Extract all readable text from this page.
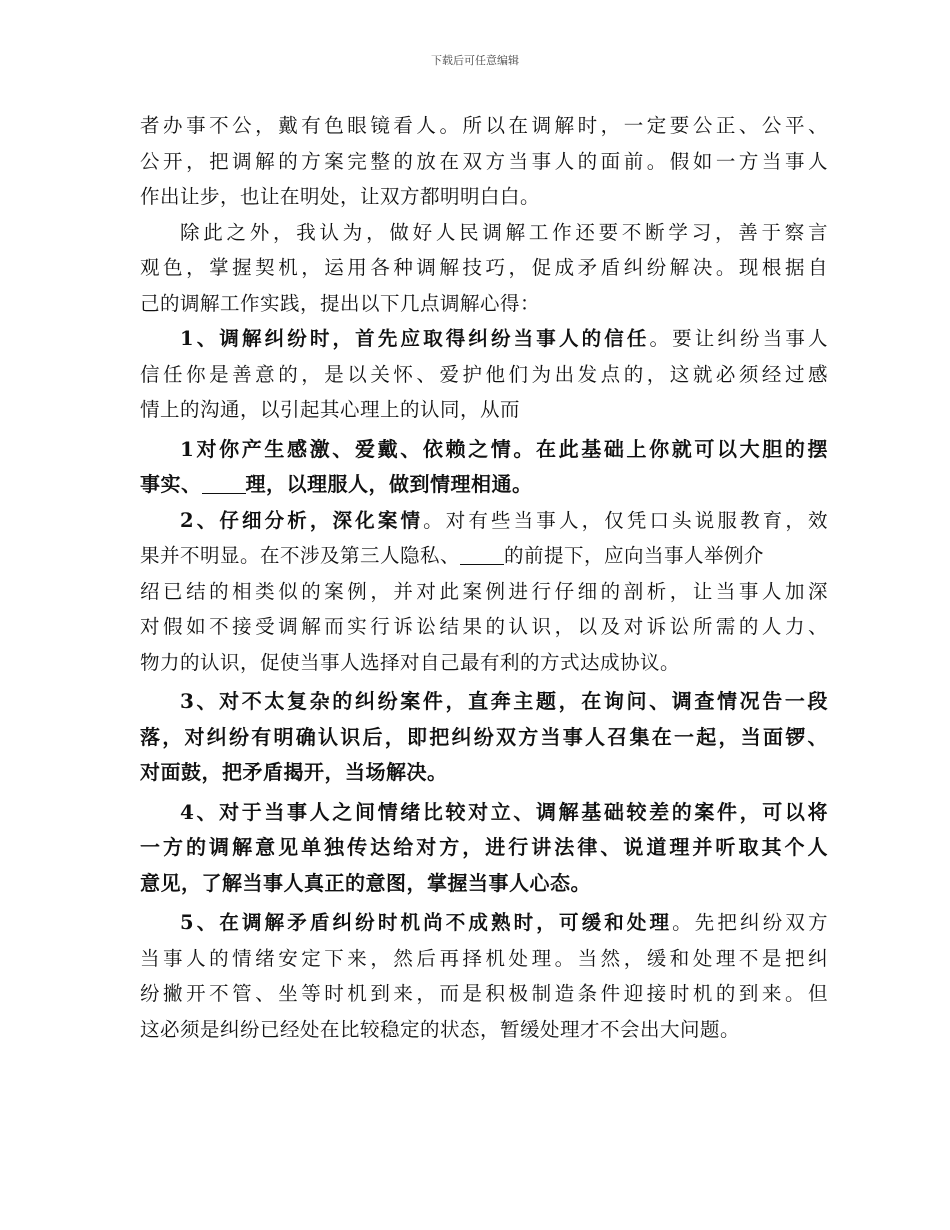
下载后可任意编辑

者办事不公，戴有色眼镜看人。所以在调解时，一定要公正、公平、

公开，把调解的方案完整的放在双方当事人的面前。假如一方当事人

作出让步，也让在明处，让双方都明明白白。

除此之外，我认为，做好人民调解工作还要不断学习，善于察言

观色，掌握契机，运用各种调解技巧，促成矛盾纠纷解决。现根据自

己的调解工作实践，提出以下几点调解心得：

1、调解纠纷时，首先应取得纠纷当事人的信任。要让纠纷当事人

信任你是善意的，是以关怀、爱护他们为出发点的，这就必须经过感

情上的沟通，以引起其心理上的认同，从而

1对你产生感激、爱戴、依赖之情。在此基础上你就可以大胆的摆

事实、 理，以理服人，做到情理相通。

2、仔细分析，深化案情。对有些当事人，仅凭口头说服教育，效

果并不明显。在不涉及第三人隐私、 的前提下，应向当事人举例介

绍已结的相类似的案例，并对此案例进行仔细的剖析，让当事人加深

对假如不接受调解而实行诉讼结果的认识，以及对诉讼所需的人力、

物力的认识，促使当事人选择对自己最有利的方式达成协议。

3、对不太复杂的纠纷案件，直奔主题，在询问、调查情况告一段

落，对纠纷有明确认识后，即把纠纷双方当事人召集在一起，当面锣、

对面鼓，把矛盾揭开，当场解决。

4、对于当事人之间情绪比较对立、调解基础较差的案件，可以将

一方的调解意见单独传达给对方，进行讲法律、说道理并听取其个人

意见，了解当事人真正的意图，掌握当事人心态。

5、在调解矛盾纠纷时机尚不成熟时，可缓和处理。先把纠纷双方

当事人的情绪安定下来，然后再择机处理。当然，缓和处理不是把纠

纷撇开不管、坐等时机到来，而是积极制造条件迎接时机的到来。但

这必须是纠纷已经处在比较稳定的状态，暂缓处理才不会出大问题。
